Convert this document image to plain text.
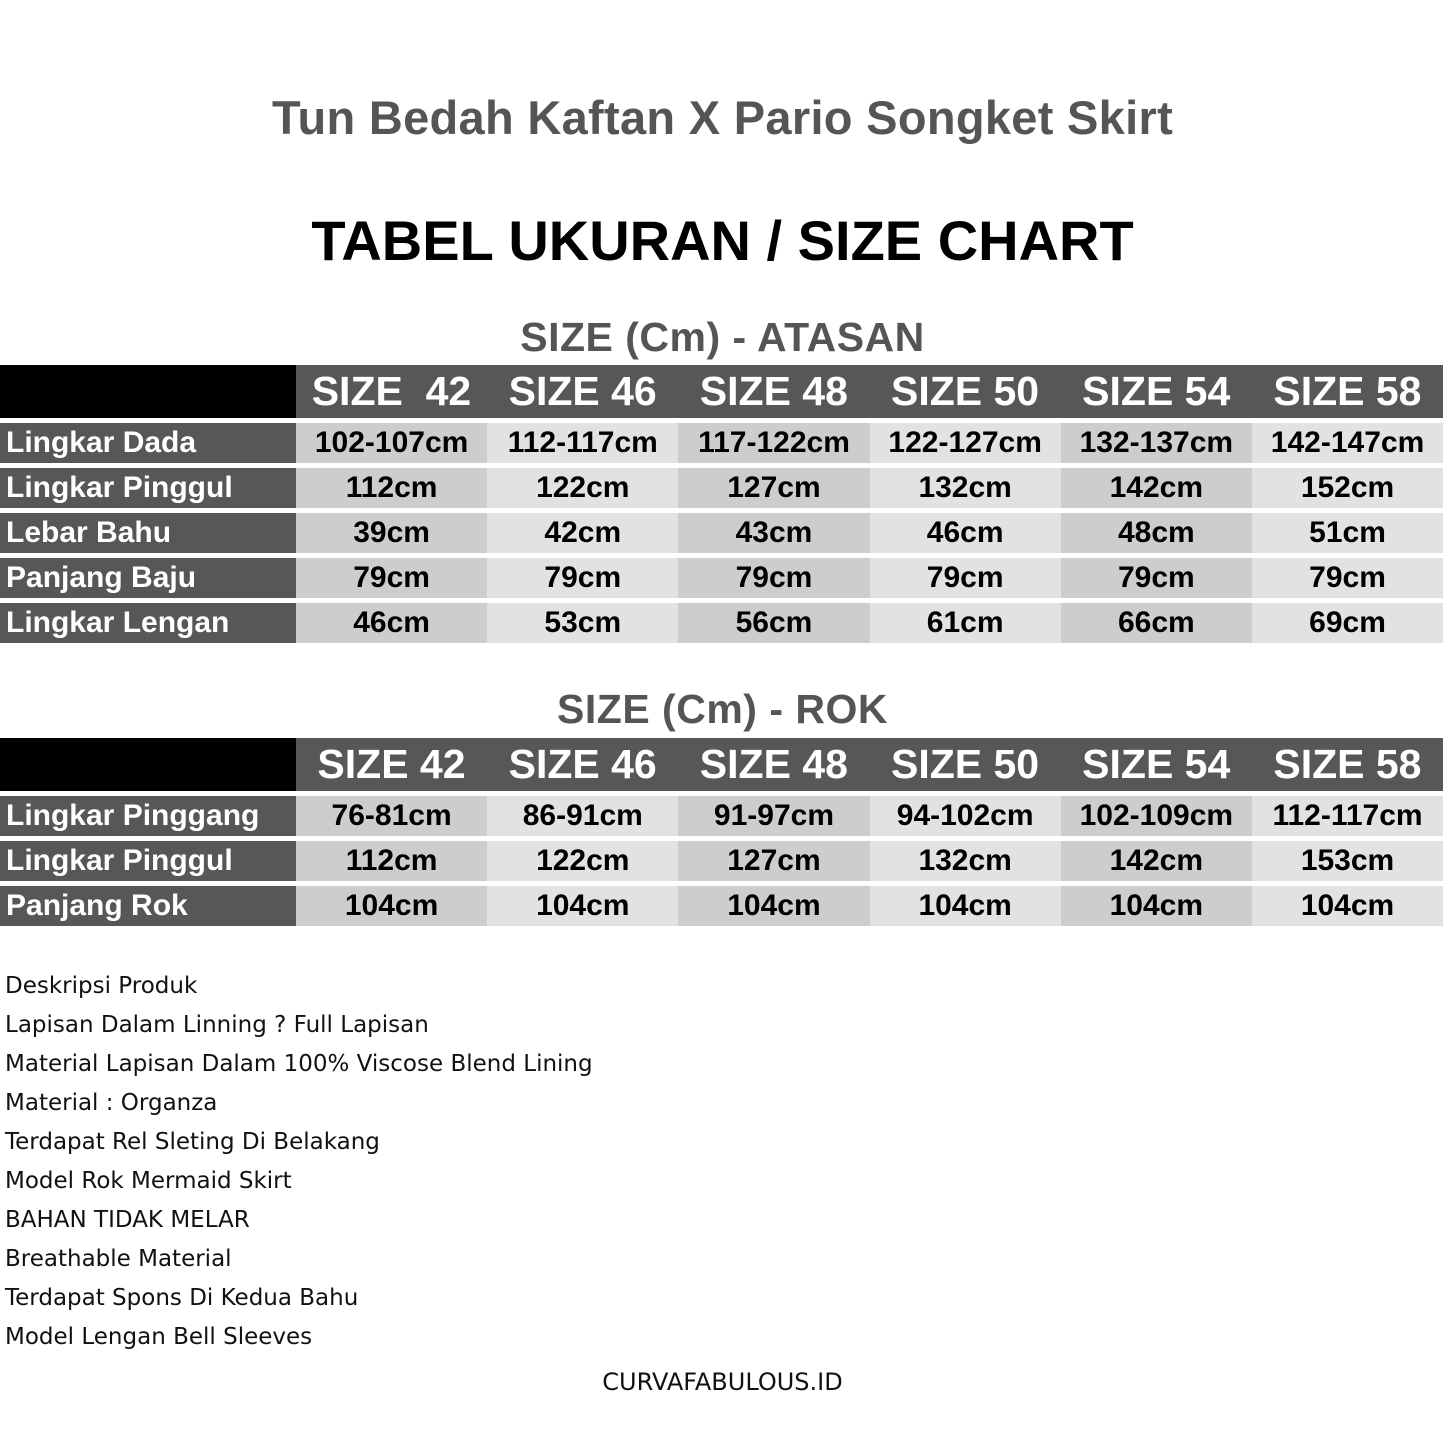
Tun Bedah Kaftan X Pario Songket Skirt
TABEL UKURAN / SIZE CHART
SIZE (Cm) - ATASAN
SIZE  42 SIZE 46	SIZE 48	SIZE 50	SIZE 54	SIZE 58
Lingkar Dada	102-107cm	112-117cm	117-122cm	122-127cm	132-137cm	142-147cm
Lingkar Pinggul	112cm	122cm	127cm	132cm	142cm	152cm
Lebar Bahu	39cm	42cm	43cm	46cm	48cm	51cm
Panjang Baju	79cm	79cm	79cm	79cm	79cm	79cm
Lingkar Lengan	46cm	53cm	56cm	61cm	66cm	69cm
SIZE (Cm) - ROK
SIZE 42	SIZE 46	SIZE 48	SIZE 50	SIZE 54	SIZE 58
Lingkar Pinggang	76-81cm	86-91cm	91-97cm	94-102cm	102-109cm	112-117cm
Lingkar Pinggul	112cm	122cm	127cm	132cm	142cm	153cm
Panjang Rok	104cm	104cm	104cm	104cm	104cm	104cm
Deskripsi Produk
Lapisan Dalam Linning ? Full Lapisan
Material Lapisan Dalam 100% Viscose Blend Lining
Material : Organza
Terdapat Rel Sleting Di Belakang
Model Rok Mermaid Skirt
BAHAN TIDAK MELAR
Breathable Material
Terdapat Spons Di Kedua Bahu
Model Lengan Bell Sleeves
CURVAFABULOUS.ID
